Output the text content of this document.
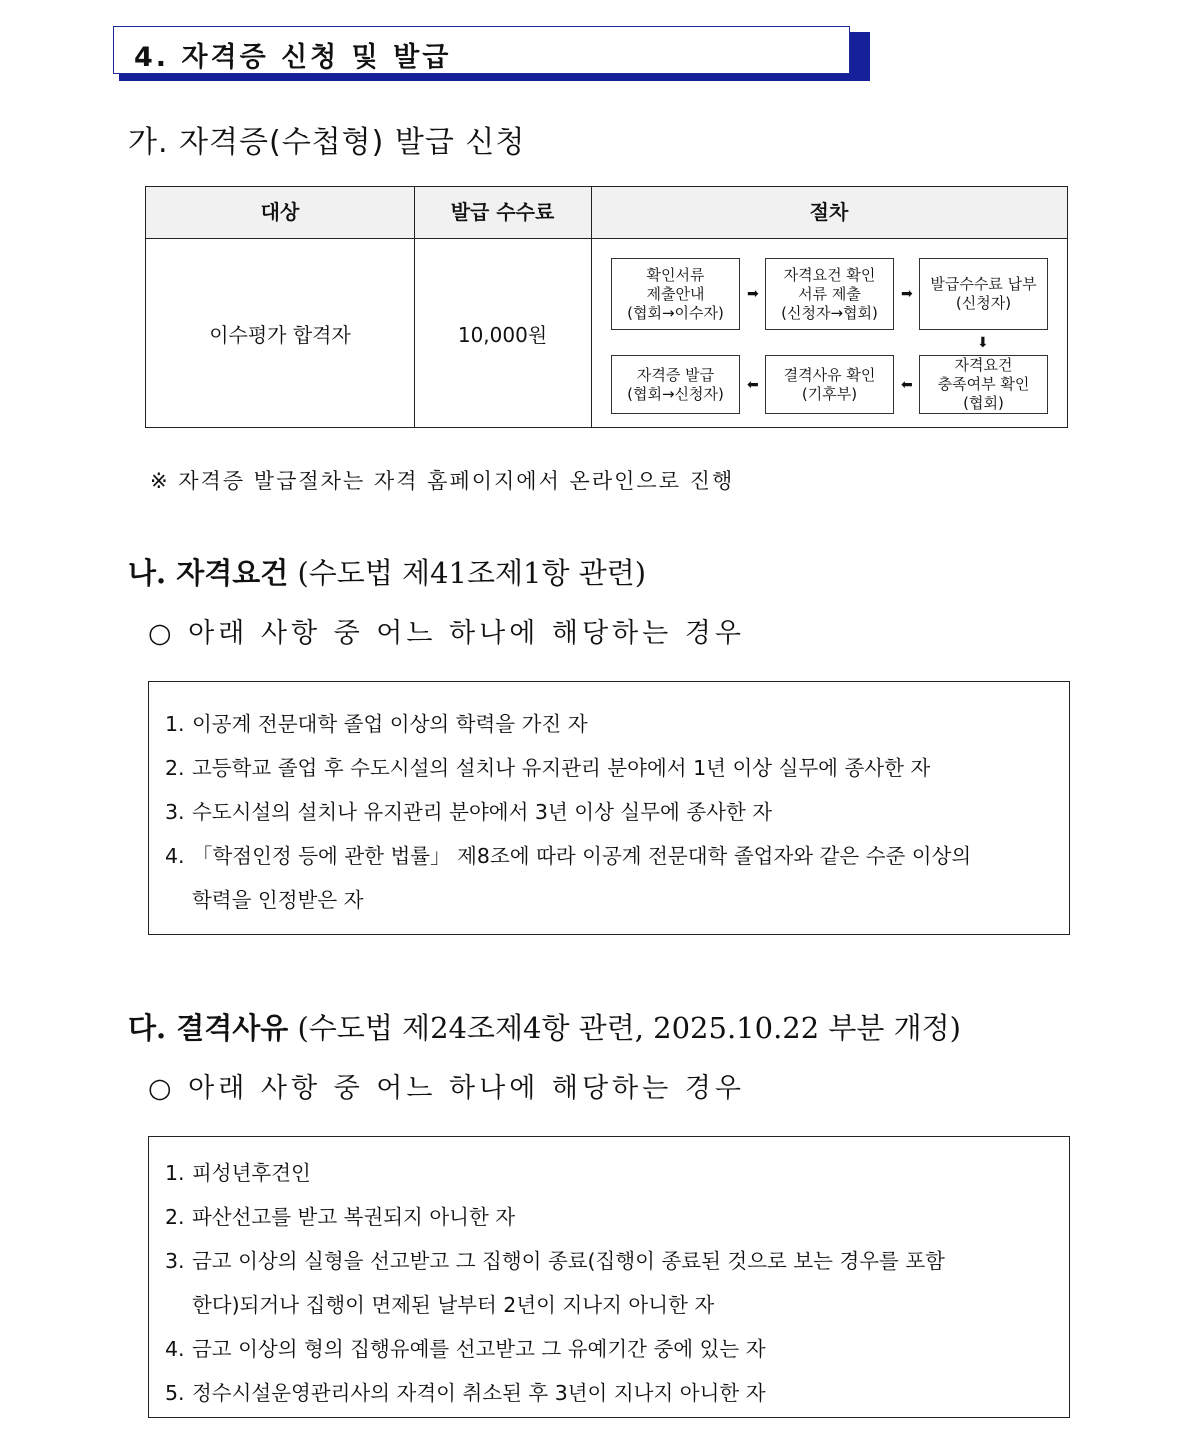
4. 자격증 신청 및 발급
가. 자격증(수첩형) 발급 신청
대상	발급 수수료	절차
이수평가 합격자	10,000원
확인서류
제출안내
(협회→이수자)
➡
자격요건 확인
서류 제출
(신청자→협회)
➡
발급수수료 납부
(신청자)
⬇
자격요건
충족여부 확인
(협회)
⬅
결격사유 확인
(기후부)
⬅
자격증 발급
(협회→신청자)
※ 자격증 발급절차는 자격 홈페이지에서 온라인으로 진행
나. 자격요건 (수도법 제41조제1항 관련)
○ 아래 사항 중 어느 하나에 해당하는 경우
1. 이공계 전문대학 졸업 이상의 학력을 가진 자
2. 고등학교 졸업 후 수도시설의 설치나 유지관리 분야에서 1년 이상 실무에 종사한 자
3. 수도시설의 설치나 유지관리 분야에서 3년 이상 실무에 종사한 자
4. 「학점인정 등에 관한 법률」 제8조에 따라 이공계 전문대학 졸업자와 같은 수준 이상의
학력을 인정받은 자
다. 결격사유 (수도법 제24조제4항 관련, 2025.10.22 부분 개정)
○ 아래 사항 중 어느 하나에 해당하는 경우
1. 피성년후견인
2. 파산선고를 받고 복권되지 아니한 자
3. 금고 이상의 실형을 선고받고 그 집행이 종료(집행이 종료된 것으로 보는 경우를 포함
한다)되거나 집행이 면제된 날부터 2년이 지나지 아니한 자
4. 금고 이상의 형의 집행유예를 선고받고 그 유예기간 중에 있는 자
5. 정수시설운영관리사의 자격이 취소된 후 3년이 지나지 아니한 자
